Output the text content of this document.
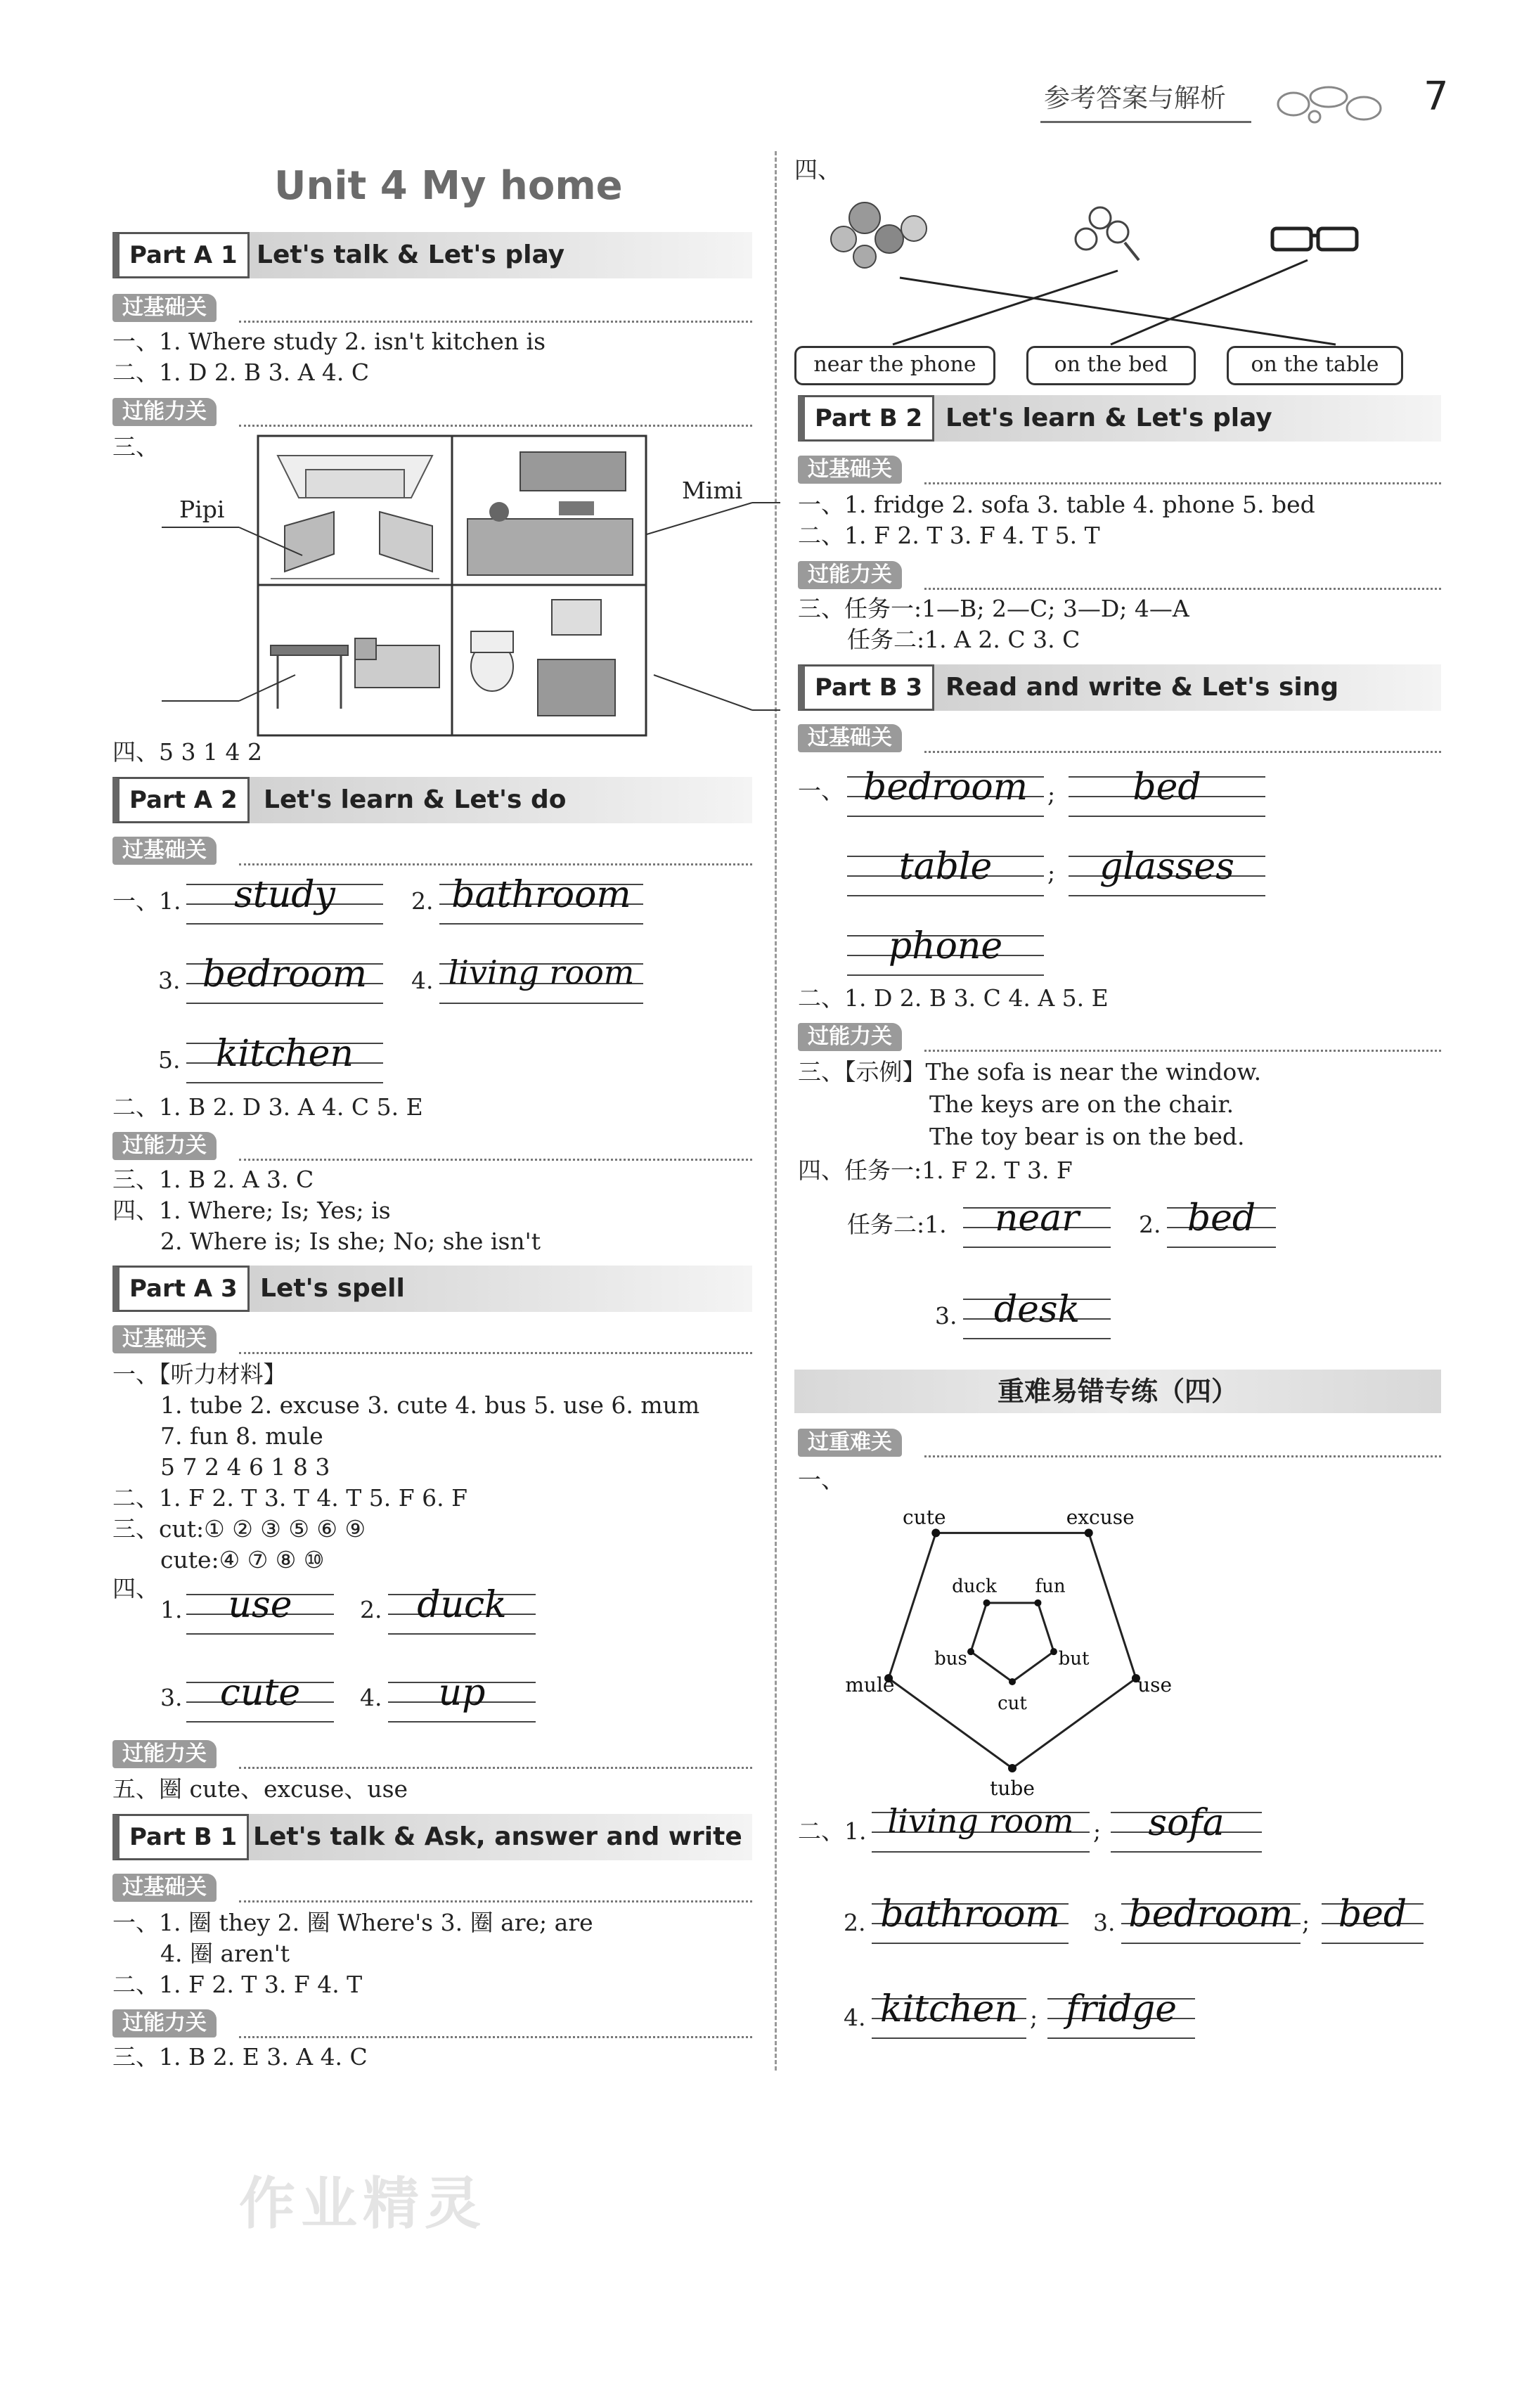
参考答案与解析	7
Unit 4 My home
Part A 1 Let's talk & Let's play
过基础关
一、1. Where study 2. isn't kitchen is
二、1. D 2. B 3. A 4. C
过能力关
三、
Pipi
Mimi
四、5 3 1 4 2
Part A 2	Let's learn & Let's do
过基础关
一、1.	study	2. bathroom
3. bedroom	4. living room
5. kitchen
二、1. B 2. D 3. A 4. C 5. E
过能力关
三、1. B 2. A 3. C
四、1. Where; Is; Yes; is
2. Where is; Is she; No; she isn't
Part A 3 Let's spell
过基础关
一、【听力材料】
1. tube 2. excuse 3. cute 4. bus 5. use 6. mum
7. fun 8. mule
5 7 2 4 6 1 8 3
二、1. F 2. T 3. T 4. T 5. F 6. F
三、cut:① ② ③ ⑤ ⑥ ⑨
cute:④ ⑦ ⑧ ⑩
四、
1.	use	2. duck
3.	cute	4.	up
过能力关
五、圈 cute、excuse、use
Part B 1 Let's talk & Ask, answer and write
过基础关
一、1. 圈 they 2. 圈 Where's 3. 圈 are; are
4. 圈 aren't
二、1. F 2. T 3. F 4. T
过能力关
三、1. B 2. E 3. A 4. C
四、
near the phone	on the bed	on the table
Part B 2 Let's learn & Let's play
过基础关
一、1. fridge 2. sofa 3. table 4. phone 5. bed
二、1. F 2. T 3. F 4. T 5. T
过能力关
三、任务一:1—B; 2—C; 3—D; 4—A
任务二:1. A 2. C 3. C
Part B 3 Read and write & Let's sing
过基础关
一、 bedroom ;	bed
table	;	glasses
phone
二、1. D 2. B 3. C 4. A 5. E
过能力关
三、【示例】The sofa is near the window.
The keys are on the chair.
The toy bear is on the bed.
四、任务一:1. F 2. T 3. F
任务二:1.	near	2. bed
3.	desk
重难易错专练（四）
过重难关
一、
cute	excuse
use
tube
mule
duck fun
but
cut
bus
二、1. living room ;	sofa
2. bathroom	3. bedroom ; bed
4. kitchen ; fridge
作业精灵
